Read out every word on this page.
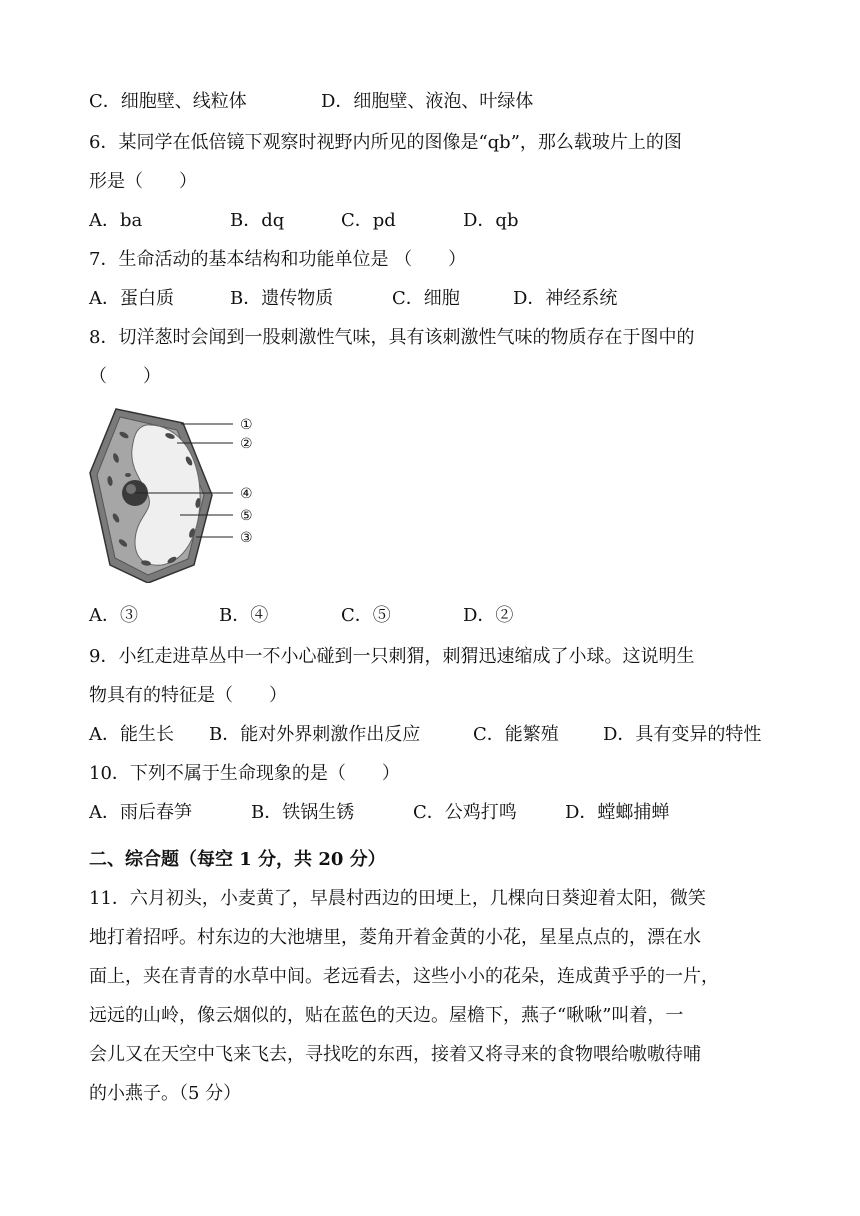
C．细胞壁、线粒体	D．细胞壁、液泡、叶绿体
6．某同学在低倍镜下观察时视野内所见的图像是“qb”，那么载玻片上的图
形是（　　）
A．ba	B．dq	C．pd	D．qb
7．生命活动的基本结构和功能单位是 （　　）
A．蛋白质	B．遗传物质	C．细胞	D．神经系统
8．切洋葱时会闻到一股刺激性气味，具有该刺激性气味的物质存在于图中的
（　　）
①
②
④
⑤
③
A．③	B．④	C．⑤	D．②
9．小红走进草丛中一不小心碰到一只刺猬，刺猬迅速缩成了小球。这说明生
物具有的特征是（　　）
A．能生长 B．能对外界刺激作出反应	C．能繁殖 D．具有变异的特性
10．下列不属于生命现象的是（　　）
A．雨后春笋	B．铁锅生锈	C．公鸡打鸣	D．螳螂捕蝉
二、综合题（每空 1 分，共 20 分）
11．六月初头，小麦黄了，早晨村西边的田埂上，几棵向日葵迎着太阳，微笑
地打着招呼。村东边的大池塘里，菱角开着金黄的小花，星星点点的，漂在水
面上，夹在青青的水草中间。老远看去，这些小小的花朵，连成黄乎乎的一片，
远远的山岭，像云烟似的，贴在蓝色的天边。屋檐下，燕子“啾啾”叫着，一
会儿又在天空中飞来飞去，寻找吃的东西，接着又将寻来的食物喂给嗷嗷待哺
的小燕子。（5 分）
